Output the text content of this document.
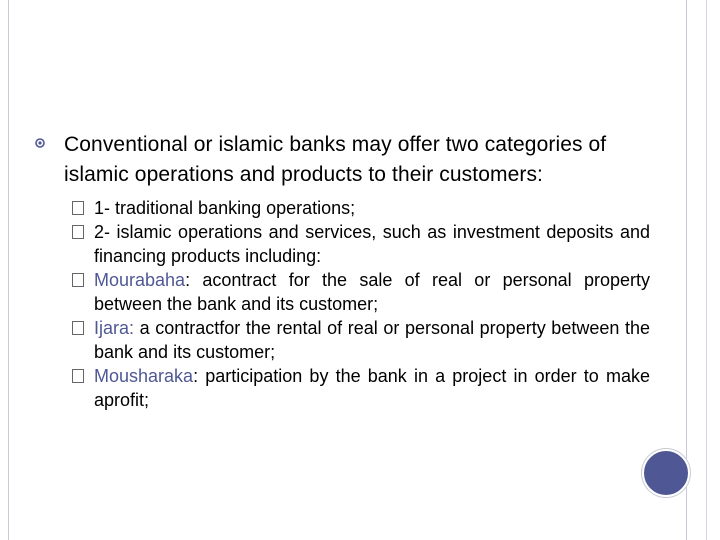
Conventional or islamic banks may offer two categories of islamic operations and products to their customers:
1- traditional banking operations;
2- islamic operations and services, such as investment deposits and financing products including:
Mourabaha: acontract for the sale of real or personal property between the bank and its customer;
Ijara: a contractfor the rental of real or personal property between the bank and its customer;
Mousharaka: participation by the bank in a project in order to make aprofit;
